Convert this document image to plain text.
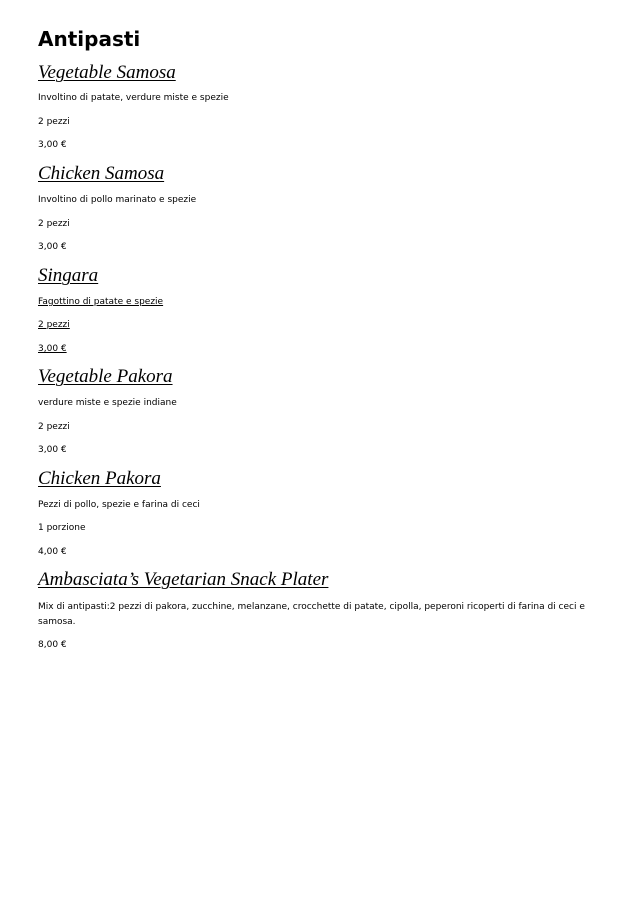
Antipasti

Vegetable Samosa

Involtino di patate, verdure miste e spezie

2 pezzi

3,00 €

Chicken Samosa

Involtino di pollo marinato e spezie

2 pezzi

3,00 €

Singara

Fagottino di patate e spezie

2 pezzi

3,00 €

Vegetable Pakora

verdure miste e spezie indiane

2 pezzi

3,00 €

Chicken Pakora

Pezzi di pollo, spezie e farina di ceci

1 porzione

4,00 €

Ambasciata’s Vegetarian Snack Plater

Mix di antipasti:2 pezzi di pakora, zucchine, melanzane, crocchette di patate, cipolla, peperoni ricoperti di farina di ceci e samosa.

8,00 €
